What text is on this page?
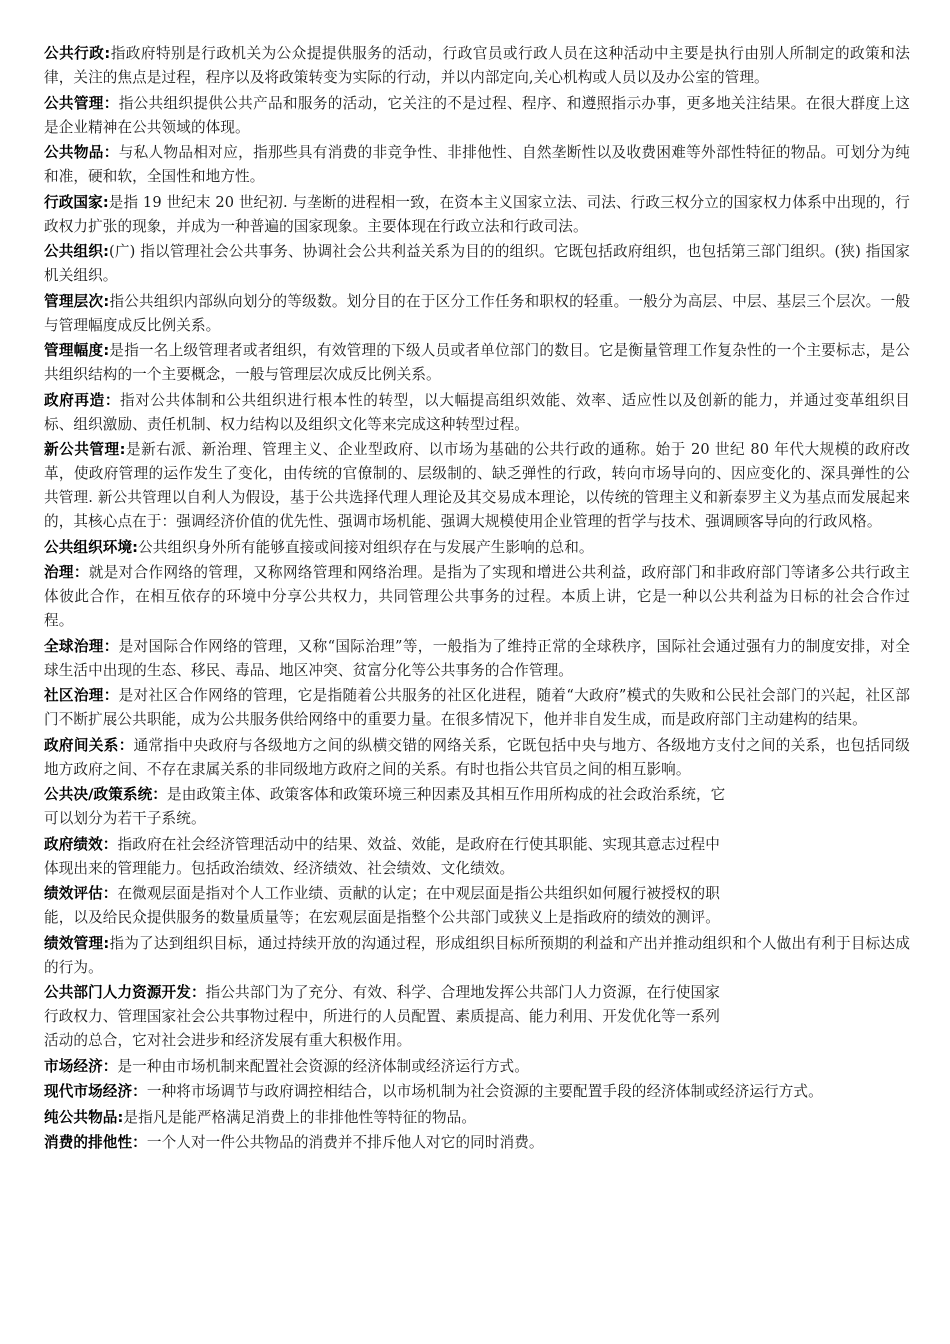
公共行政:指政府特别是行政机关为公众提提供服务的活动，行政官员或行政人员在这种活动中主要是执行由别人所制定的政策和法律，关注的焦点是过程，程序以及将政策转变为实际的行动，并以内部定向,关心机构或人员以及办公室的管理。

公共管理：指公共组织提供公共产品和服务的活动，它关注的不是过程、程序、和遵照指示办事，更多地关注结果。在很大群度上这是企业精神在公共领域的体现。

公共物品：与私人物品相对应，指那些具有消费的非竞争性、非排他性、自然垄断性以及收费困难等外部性特征的物品。可划分为纯和准，硬和软，全国性和地方性。

行政国家:是指 19 世纪末 20 世纪初. 与垄断的进程相一致，在资本主义国家立法、司法、行政三权分立的国家权力体系中出现的，行政权力扩张的现象，并成为一种普遍的国家现象。主要体现在行政立法和行政司法。

公共组织:(广) 指以管理社会公共事务、协调社会公共利益关系为目的的组织。它既包括政府组织，也包括第三部门组织。(狭) 指国家机关组织。

管理层次:指公共组织内部纵向划分的等级数。划分目的在于区分工作任务和职权的轻重。一般分为高层、中层、基层三个层次。一般与管理幅度成反比例关系。

管理幅度:是指一名上级管理者或者组织，有效管理的下级人员或者单位部门的数目。它是衡量管理工作复杂性的一个主要标志，是公共组织结构的一个主要概念，一般与管理层次成反比例关系。

政府再造：指对公共体制和公共组织进行根本性的转型，以大幅提高组织效能、效率、适应性以及创新的能力，并通过变革组织目标、组织激励、责任机制、权力结构以及组织文化等来完成这种转型过程。

新公共管理:是新右派、新治理、管理主义、企业型政府、以市场为基础的公共行政的通称。始于 20 世纪 80 年代大规模的政府改革，使政府管理的运作发生了变化，由传统的官僚制的、层级制的、缺乏弹性的行政，转向市场导向的、因应变化的、深具弹性的公共管理. 新公共管理以自利人为假设，基于公共选择代理人理论及其交易成本理论，以传统的管理主义和新泰罗主义为基点而发展起来的，其核心点在于：强调经济价值的优先性、强调市场机能、强调大规模使用企业管理的哲学与技术、强调顾客导向的行政风格。

公共组织环境:公共组织身外所有能够直接或间接对组织存在与发展产生影响的总和。

治理：就是对合作网络的管理，又称网络管理和网络治理。是指为了实现和增进公共利益，政府部门和非政府部门等诸多公共行政主体彼此合作，在相互依存的环境中分享公共权力，共同管理公共事务的过程。本质上讲，它是一种以公共利益为日标的社会合作过程。

全球治理：是对国际合作网络的管理，又称“国际治理”等，一般指为了维持正常的全球秩序，国际社会通过强有力的制度安排，对全球生活中出现的生态、移民、毒品、地区冲突、贫富分化等公共事务的合作管理。

社区治理：是对社区合作网络的管理，它是指随着公共服务的社区化进程，随着“大政府”模式的失败和公民社会部门的兴起，社区部门不断扩展公共职能，成为公共服务供给网络中的重要力量。在很多情况下，他并非自发生成，而是政府部门主动建构的结果。

政府间关系：通常指中央政府与各级地方之间的纵横交错的网络关系，它既包括中央与地方、各级地方支付之间的关系，也包括同级地方政府之间、不存在隶属关系的非同级地方政府之间的关系。有时也指公共官员之间的相互影响。

公共决/政策系统：是由政策主体、政策客体和政策环境三种因素及其相互作用所构成的社会政治系统，它可以划分为若干子系统。

政府绩效：指政府在社会经济管理活动中的结果、效益、效能，是政府在行使其职能、实现其意志过程中体现出来的管理能力。包括政治绩效、经济绩效、社会绩效、文化绩效。

绩效评估：在微观层面是指对个人工作业绩、贡献的认定；在中观层面是指公共组织如何履行被授权的职能，以及给民众提供服务的数量质量等；在宏观层面是指整个公共部门或狭义上是指政府的绩效的测评。

绩效管理:指为了达到组织目标，通过持续开放的沟通过程，形成组织目标所预期的利益和产出并推动组织和个人做出有利于目标达成的行为。

公共部门人力资源开发：指公共部门为了充分、有效、科学、合理地发挥公共部门人力资源，在行使国家行政权力、管理国家社会公共事物过程中，所进行的人员配置、素质提高、能力利用、开发优化等一系列活动的总合，它对社会进步和经济发展有重大积极作用。

市场经济：是一种由市场机制来配置社会资源的经济体制或经济运行方式。

现代市场经济：一种将市场调节与政府调控相结合，以市场机制为社会资源的主要配置手段的经济体制或经济运行方式。

纯公共物品:是指凡是能严格满足消费上的非排他性等特征的物品。

消费的排他性：一个人对一件公共物品的消费并不排斥他人对它的同时消费。
